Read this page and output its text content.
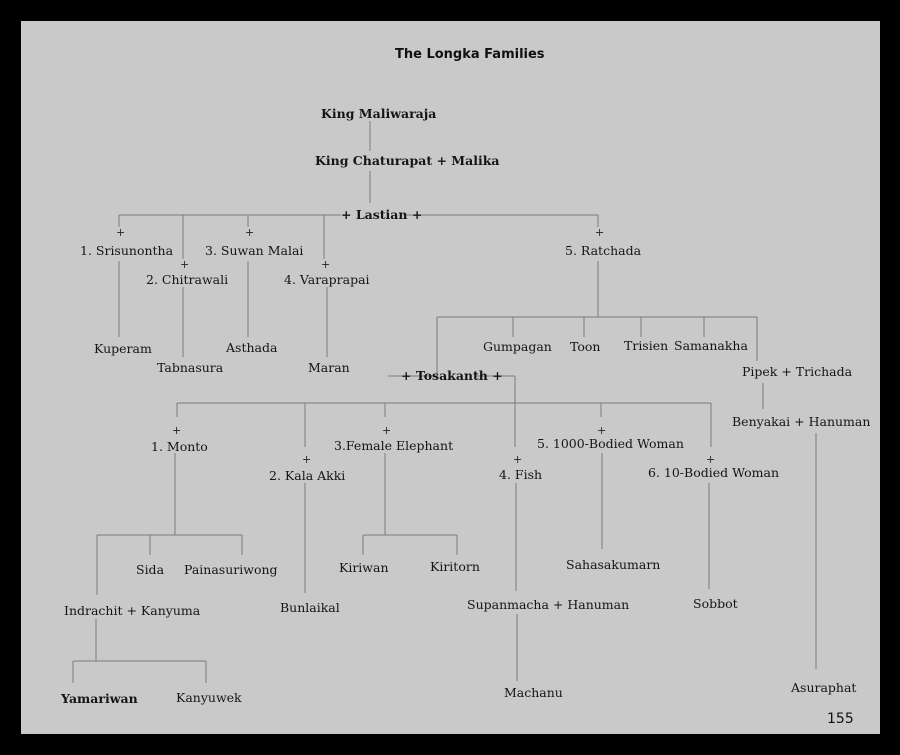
The Longka Families
King Maliwaraja
King Chaturapat + Malika
+ Lastian +
+	+	+
+	+
1. Srisunontha
2. Chitrawali
3. Suwan Malai
4. Varaprapai
5. Ratchada
Kuperam
Tabnasura
Asthada
Maran
Gumpagan Toon Trisien Samanakha
+ Tosakanth +	Pipek + Trichada
Benyakai + Hanuman
+	+	+
+	+	+
1. Monto
2. Kala Akki
3.Female Elephant
4. Fish
5. 1000-Bodied Woman
6. 10-Bodied Woman
Sida Painasuriwong
Indrachit + Kanyuma	Bunlaikal
Kiriwan	Kiritorn	Sahasakumarn
Supanmacha + Hanuman	Sobbot
Yamariwan	Kanyuwek	Machanu	Asuraphat
155
